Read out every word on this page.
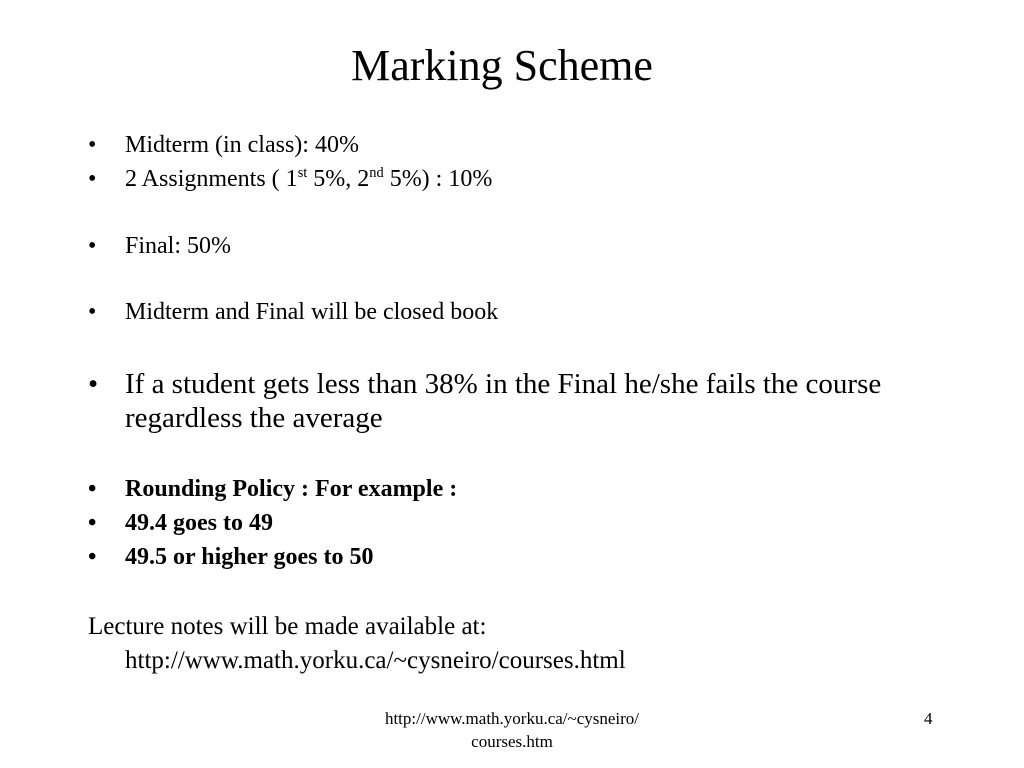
Marking Scheme
• Midterm (in class): 40%
• 2 Assignments ( 1st 5%, 2nd 5%) : 10%
• Final: 50%
• Midterm and Final will be closed book
• If a student gets less than 38% in the Final he/she fails the course regardless the average
• Rounding Policy : For example :
• 49.4 goes to 49
• 49.5 or higher goes to 50
Lecture notes will be made available at:
http://www.math.yorku.ca/~cysneiro/courses.html
http://www.math.yorku.ca/~cysneiro/
courses.htm
4
